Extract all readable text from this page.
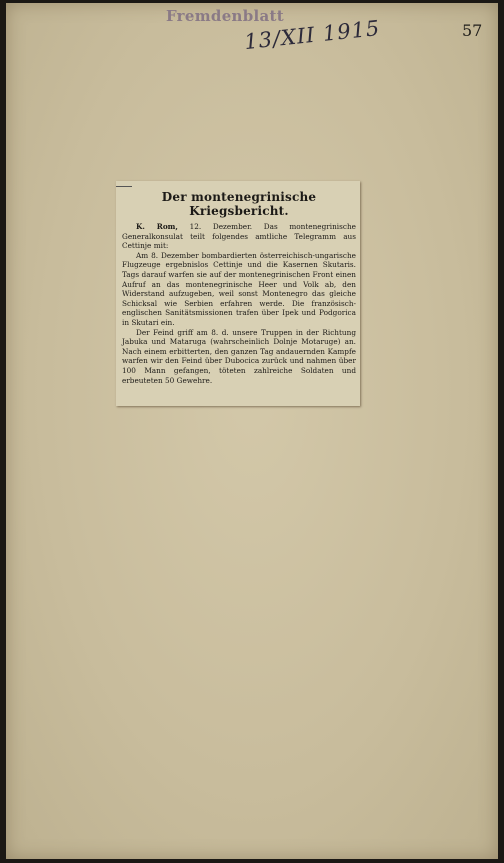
Fremdenblatt
13/XII 1915	57
Der montenegrinische Kriegsbericht.

K. Rom, 12. Dezember. Das montenegrinische Generalkonsulat teilt folgendes amtliche Telegramm aus Cettinje mit:

Am 8. Dezember bombardierten österreichisch-ungarische Flugzeuge ergebnislos Cettinje und die Kasernen Skutaris. Tags darauf warfen sie auf der montenegrinischen Front einen Aufruf an das montenegrinische Heer und Volk ab, den Widerstand aufzugeben, weil sonst Montenegro das gleiche Schicksal wie Serbien erfahren werde. Die französisch-englischen Sanitätsmissionen trafen über Ipek und Podgorica in Skutari ein.

Der Feind griff am 8. d. unsere Truppen in der Richtung Jabuka und Mataruga (wahrscheinlich Dolnje Motaruge) an. Nach einem erbitterten, den ganzen Tag andauernden Kampfe warfen wir den Feind über Dubocica zurück und nahmen über 100 Mann gefangen, töteten zahlreiche Soldaten und erbeuteten 50 Gewehre.
